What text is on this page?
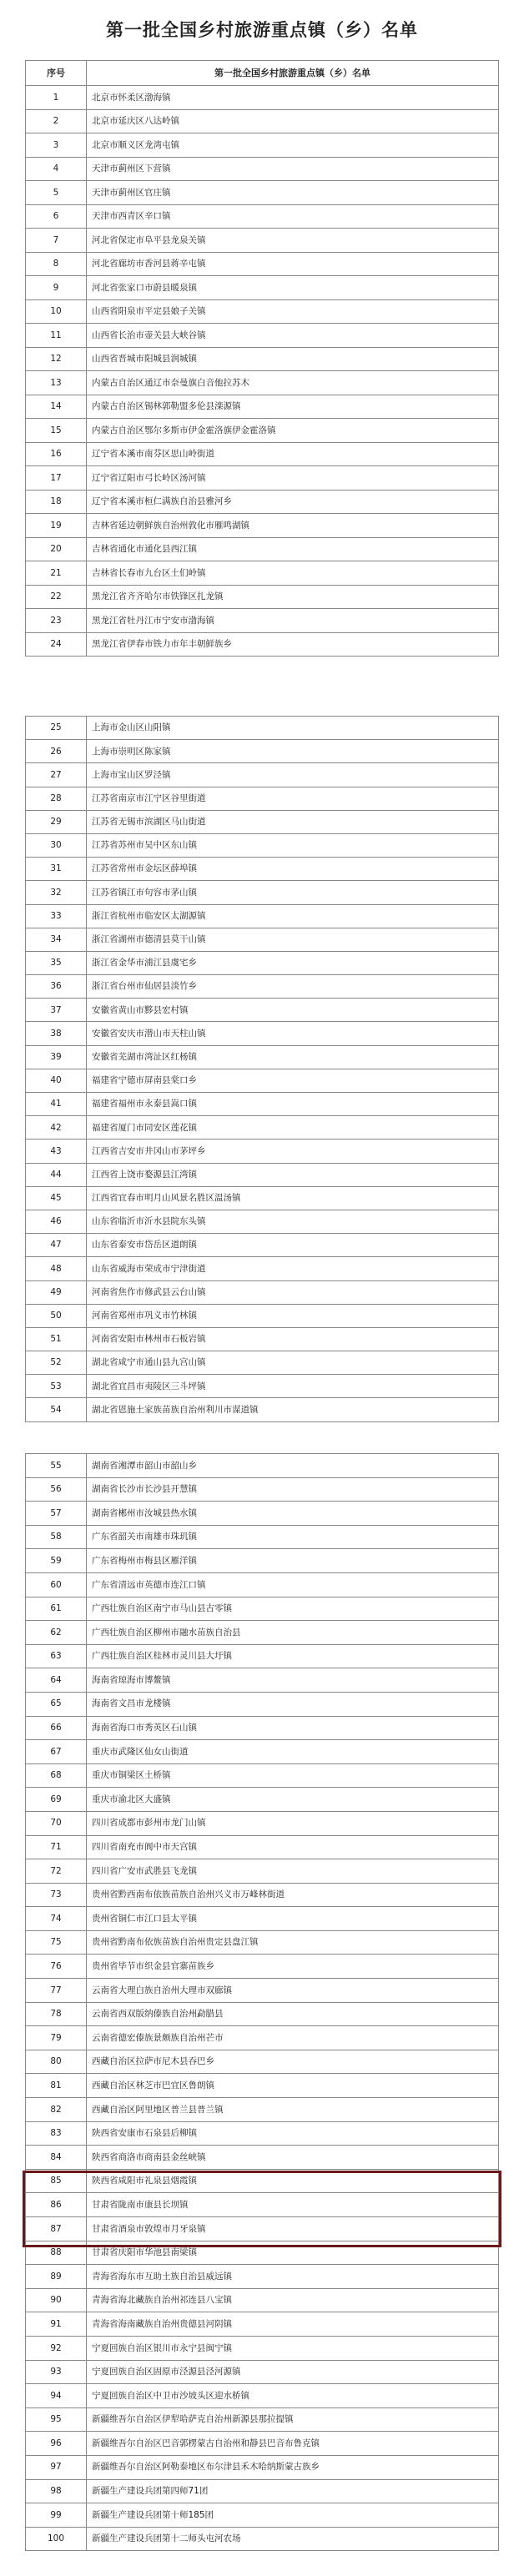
第一批全国乡村旅游重点镇（乡）名单
序号	第一批全国乡村旅游重点镇（乡）名单
1	北京市怀柔区渤海镇
2	北京市延庆区八达岭镇
3	北京市顺义区龙湾屯镇
4	天津市蓟州区下营镇
5	天津市蓟州区官庄镇
6	天津市西青区辛口镇
7	河北省保定市阜平县龙泉关镇
8	河北省廊坊市香河县蒋辛屯镇
9	河北省张家口市蔚县暖泉镇
10	山西省阳泉市平定县娘子关镇
11	山西省长治市壶关县大峡谷镇
12	山西省晋城市阳城县润城镇
13	内蒙古自治区通辽市奈曼旗白音他拉苏木
14	内蒙古自治区锡林郭勒盟多伦县滦源镇
15	内蒙古自治区鄂尔多斯市伊金霍洛旗伊金霍洛镇
16	辽宁省本溪市南芬区思山岭街道
17	辽宁省辽阳市弓长岭区汤河镇
18	辽宁省本溪市桓仁满族自治县雅河乡
19	吉林省延边朝鲜族自治州敦化市雁鸣湖镇
20	吉林省通化市通化县西江镇
21	吉林省长春市九台区土们岭镇
22	黑龙江省齐齐哈尔市铁锋区扎龙镇
23	黑龙江省牡丹江市宁安市渤海镇
24	黑龙江省伊春市铁力市年丰朝鲜族乡
25	上海市金山区山阳镇
26	上海市崇明区陈家镇
27	上海市宝山区罗泾镇
28	江苏省南京市江宁区谷里街道
29	江苏省无锡市滨湖区马山街道
30	江苏省苏州市吴中区东山镇
31	江苏省常州市金坛区薛埠镇
32	江苏省镇江市句容市茅山镇
33	浙江省杭州市临安区太湖源镇
34	浙江省湖州市德清县莫干山镇
35	浙江省金华市浦江县虞宅乡
36	浙江省台州市仙居县淡竹乡
37	安徽省黄山市黟县宏村镇
38	安徽省安庆市潜山市天柱山镇
39	安徽省芜湖市湾沚区红杨镇
40	福建省宁德市屏南县棠口乡
41	福建省福州市永泰县嵩口镇
42	福建省厦门市同安区莲花镇
43	江西省吉安市井冈山市茅坪乡
44	江西省上饶市婺源县江湾镇
45	江西省宜春市明月山风景名胜区温汤镇
46	山东省临沂市沂水县院东头镇
47	山东省泰安市岱岳区道朗镇
48	山东省威海市荣成市宁津街道
49	河南省焦作市修武县云台山镇
50	河南省郑州市巩义市竹林镇
51	河南省安阳市林州市石板岩镇
52	湖北省咸宁市通山县九宫山镇
53	湖北省宜昌市夷陵区三斗坪镇
54	湖北省恩施土家族苗族自治州利川市谋道镇
55	湖南省湘潭市韶山市韶山乡
56	湖南省长沙市长沙县开慧镇
57	湖南省郴州市汝城县热水镇
58	广东省韶关市南雄市珠玑镇
59	广东省梅州市梅县区雁洋镇
60	广东省清远市英德市连江口镇
61	广西壮族自治区南宁市马山县古零镇
62	广西壮族自治区柳州市融水苗族自治县
63	广西壮族自治区桂林市灵川县大圩镇
64	海南省琼海市博鳌镇
65	海南省文昌市龙楼镇
66	海南省海口市秀英区石山镇
67	重庆市武隆区仙女山街道
68	重庆市铜梁区土桥镇
69	重庆市渝北区大盛镇
70	四川省成都市彭州市龙门山镇
71	四川省南充市阆中市天宫镇
72	四川省广安市武胜县飞龙镇
73	贵州省黔西南布依族苗族自治州兴义市万峰林街道
74	贵州省铜仁市江口县太平镇
75	贵州省黔南布依族苗族自治州贵定县盘江镇
76	贵州省毕节市织金县官寨苗族乡
77	云南省大理白族自治州大理市双廊镇
78	云南省西双版纳傣族自治州勐腊县
79	云南省德宏傣族景颇族自治州芒市
80	西藏自治区拉萨市尼木县吞巴乡
81	西藏自治区林芝市巴宜区鲁朗镇
82	西藏自治区阿里地区普兰县普兰镇
83	陕西省安康市石泉县后柳镇
84	陕西省商洛市商南县金丝峡镇
85	陕西省咸阳市礼泉县烟霞镇
86	甘肃省陇南市康县长坝镇
87	甘肃省酒泉市敦煌市月牙泉镇
88	甘肃省庆阳市华池县南梁镇
89	青海省海东市互助土族自治县威远镇
90	青海省海北藏族自治州祁连县八宝镇
91	青海省海南藏族自治州贵德县河阴镇
92	宁夏回族自治区银川市永宁县闽宁镇
93	宁夏回族自治区固原市泾源县泾河源镇
94	宁夏回族自治区中卫市沙坡头区迎水桥镇
95	新疆维吾尔自治区伊犁哈萨克自治州新源县那拉提镇
96	新疆维吾尔自治区巴音郭楞蒙古自治州和静县巴音布鲁克镇
97	新疆维吾尔自治区阿勒泰地区布尔津县禾木哈纳斯蒙古族乡
98	新疆生产建设兵团第四师71团
99	新疆生产建设兵团第十师185团
100	新疆生产建设兵团第十二师头屯河农场
